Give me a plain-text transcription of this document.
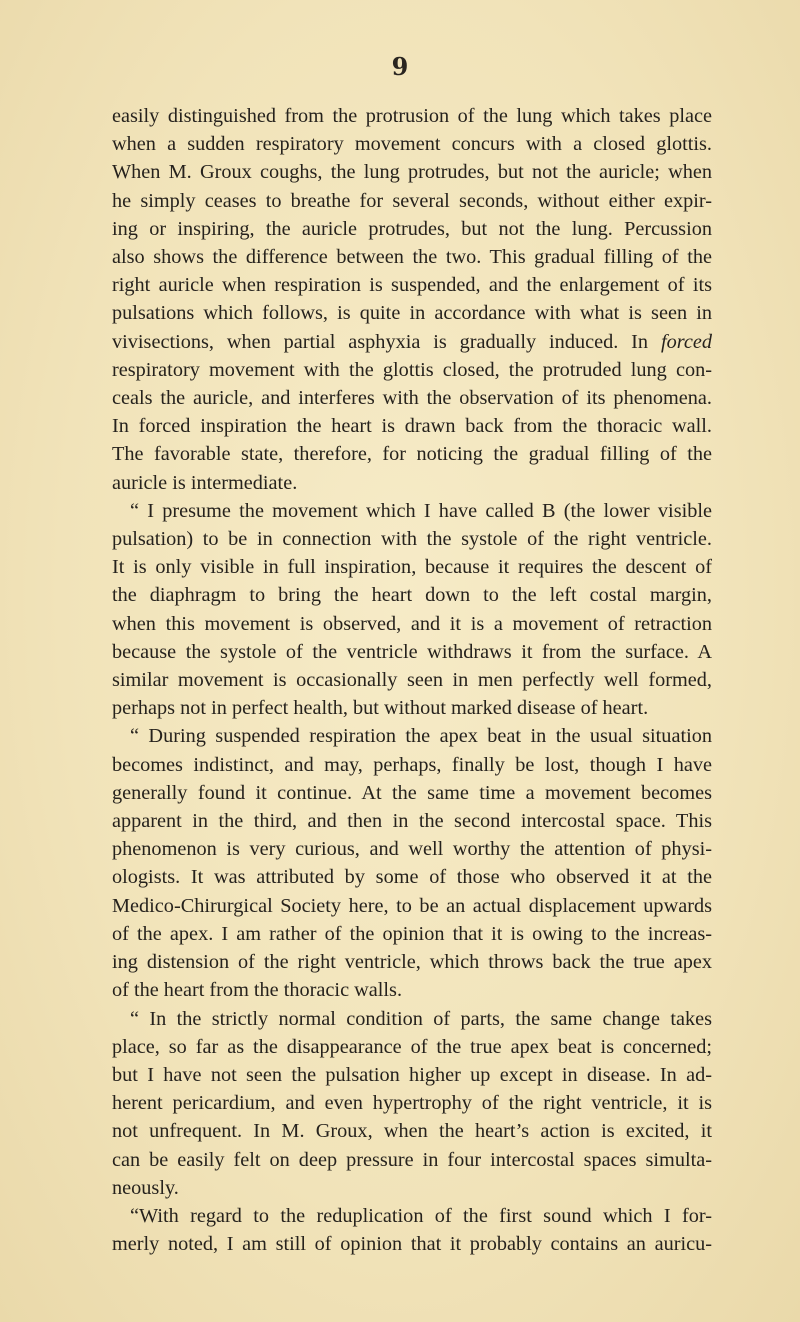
9

easily distinguished from the protrusion of the lung which takes place
when a sudden respiratory movement concurs with a closed glottis.
When M. Groux coughs, the lung protrudes, but not the auricle; when
he simply ceases to breathe for several seconds, without either expir-
ing or inspiring, the auricle protrudes, but not the lung. Percussion
also shows the difference between the two. This gradual filling of the
right auricle when respiration is suspended, and the enlargement of its
pulsations which follows, is quite in accordance with what is seen in
vivisections, when partial asphyxia is gradually induced. In forced
respiratory movement with the glottis closed, the protruded lung con-
ceals the auricle, and interferes with the observation of its phenomena.
In forced inspiration the heart is drawn back from the thoracic wall.
The favorable state, therefore, for noticing the gradual filling of the
auricle is intermediate.

“ I presume the movement which I have called B (the lower visible
pulsation) to be in connection with the systole of the right ventricle.
It is only visible in full inspiration, because it requires the descent of
the diaphragm to bring the heart down to the left costal margin,
when this movement is observed, and it is a movement of retraction
because the systole of the ventricle withdraws it from the surface. A
similar movement is occasionally seen in men perfectly well formed,
perhaps not in perfect health, but without marked disease of heart.

“ During suspended respiration the apex beat in the usual situation
becomes indistinct, and may, perhaps, finally be lost, though I have
generally found it continue. At the same time a movement becomes
apparent in the third, and then in the second intercostal space. This
phenomenon is very curious, and well worthy the attention of physi-
ologists. It was attributed by some of those who observed it at the
Medico-Chirurgical Society here, to be an actual displacement upwards
of the apex. I am rather of the opinion that it is owing to the increas-
ing distension of the right ventricle, which throws back the true apex
of the heart from the thoracic walls.

“ In the strictly normal condition of parts, the same change takes
place, so far as the disappearance of the true apex beat is concerned;
but I have not seen the pulsation higher up except in disease. In ad-
herent pericardium, and even hypertrophy of the right ventricle, it is
not unfrequent. In M. Groux, when the heart’s action is excited, it
can be easily felt on deep pressure in four intercostal spaces simulta-
neously.

“With regard to the reduplication of the first sound which I for-
merly noted, I am still of opinion that it probably contains an auricu-
